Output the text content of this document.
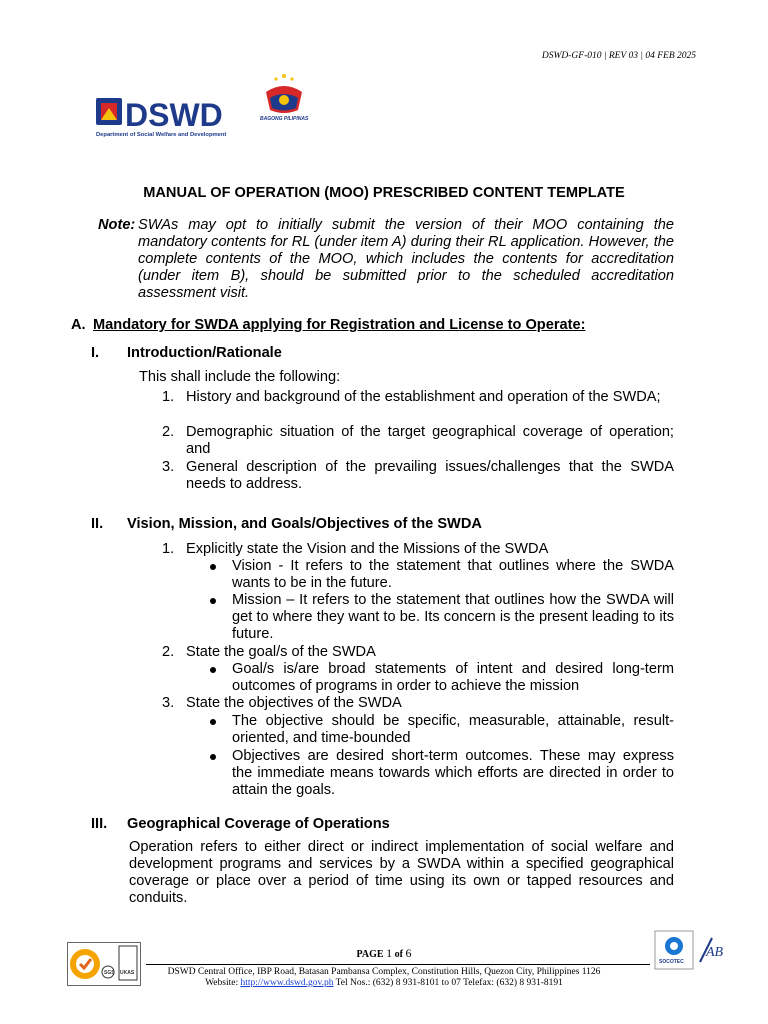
DSWD-GF-010 | REV 03 | 04 FEB 2025
DSWD
Department of Social Welfare and Development
BAGONG PILIPINAS
MANUAL OF OPERATION (MOO) PRESCRIBED CONTENT TEMPLATE
Note: SWAs may opt to initially submit the version of their MOO containing the mandatory contents for RL (under item A) during their RL application. However, the complete contents of the MOO, which includes the contents for accreditation (under item B), should be submitted prior to the scheduled accreditation assessment visit.
A. Mandatory for SWDA applying for Registration and License to Operate:
I. Introduction/Rationale
This shall include the following:
1. History and background of the establishment and operation of the SWDA;
2. Demographic situation of the target geographical coverage of operation; and
3. General description of the prevailing issues/challenges that the SWDA needs to address.
II. Vision, Mission, and Goals/Objectives of the SWDA
1. Explicitly state the Vision and the Missions of the SWDA
Vision - It refers to the statement that outlines where the SWDA wants to be in the future.
Mission – It refers to the statement that outlines how the SWDA will get to where they want to be. Its concern is the present leading to its future.
2. State the goal/s of the SWDA
Goal/s is/are broad statements of intent and desired long-term outcomes of programs in order to achieve the mission
3. State the objectives of the SWDA
The objective should be specific, measurable, attainable, result-oriented, and time-bounded
Objectives are desired short-term outcomes. These may express the immediate means towards which efforts are directed in order to attain the goals.
III. Geographical Coverage of Operations
Operation refers to either direct or indirect implementation of social welfare and development programs and services by a SWDA within a specified geographical coverage or place over a period of time using its own or tapped resources and conduits.
SGS UKAS
PAGE 1 of 6
DSWD Central Office, IBP Road, Batasan Pambansa Complex, Constitution Hills, Quezon City, Philippines 1126
Website: http://www.dswd.gov.ph Tel Nos.: (632) 8 931-8101 to 07 Telefax: (632) 8 931-8191
SOCOTEC
AB
